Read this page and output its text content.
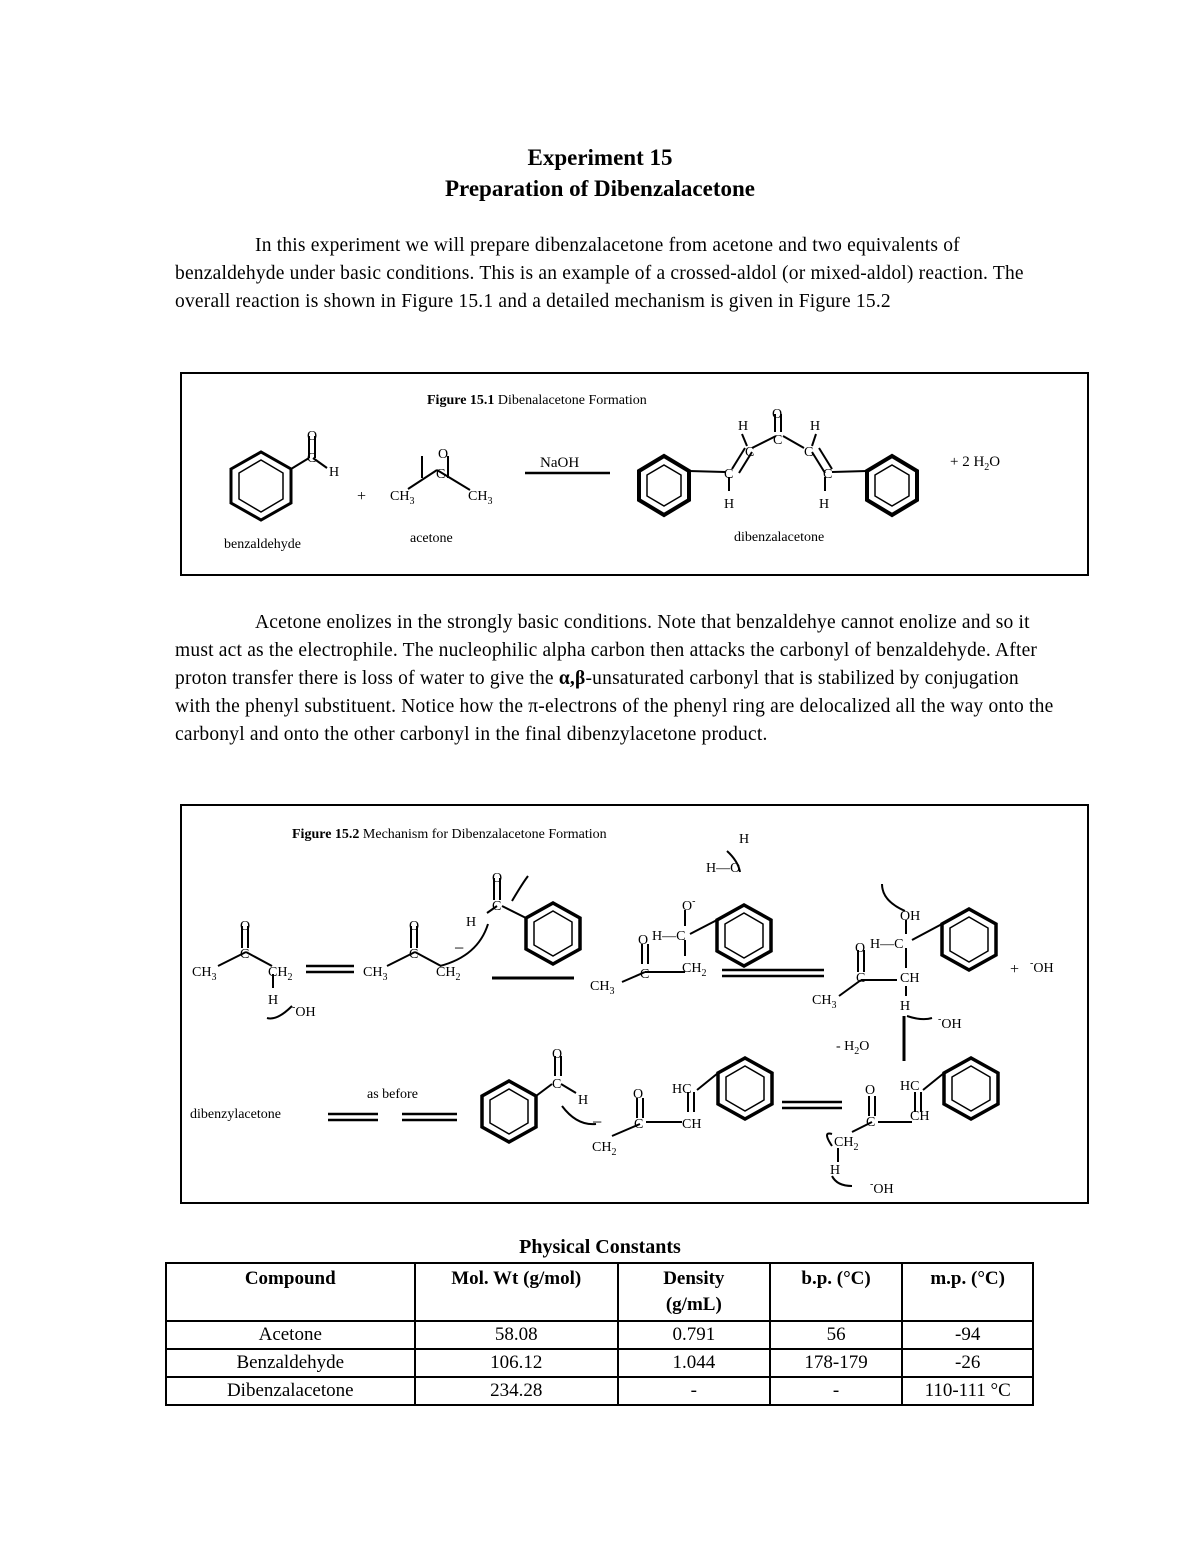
Experiment 15
Preparation of Dibenzalacetone
In this experiment we will prepare dibenzalacetone from acetone and two equivalents of benzaldehyde under basic conditions. This is an example of a crossed-aldol (or mixed-aldol) reaction. The overall reaction is shown in Figure 15.1 and a detailed mechanism is given in Figure 15.2
Figure 15.1 Dibenalacetone Formation
O
C
H
+
O
C
$CH_3$	$CH_3$
NaOH
O
C
H	H
C	C
C	C
H	H
+ 2 $H_2O$
benzaldehyde	acetone	dibenzalacetone
Acetone enolizes in the strongly basic conditions. Note that benzaldehye cannot enolize and so it must act as the electrophile. The nucleophilic alpha carbon then attacks the carbonyl of benzaldehyde. After proton transfer there is loss of water to give the α,β-unsaturated carbonyl that is stabilized by conjugation with the phenyl substituent. Notice how the π-electrons of the phenyl ring are delocalized all the way onto the carbonyl and onto the other carbonyl in the final dibenzylacetone product.
Figure 15.2 Mechanism for Dibenzalacetone Formation
O
C
$CH_3$	$CH_2$
H -OH
O
C
$CH_3$	$CH_2$
−
O
C
H
H
H—O
O-
H—C
O
C $CH_2$
$CH_3$
OH
H—C
O
C CH
H
$CH_3$
+ -OH
-OH
- $H_2O$
dibenzylacetone
as before
O
C
H	O
C
HC
CH
$CH_2$
−
O
C
HC
CH
$CH_2$
H
-OH
Physical Constants
Compound	Mol. Wt (g/mol)	Density (g/mL)	b.p. (°C)	m.p. (°C)
Acetone	58.08	0.791	56	-94
Benzaldehyde	106.12	1.044	178-179	-26
Dibenzalacetone	234.28	-	-	110-111 °C
